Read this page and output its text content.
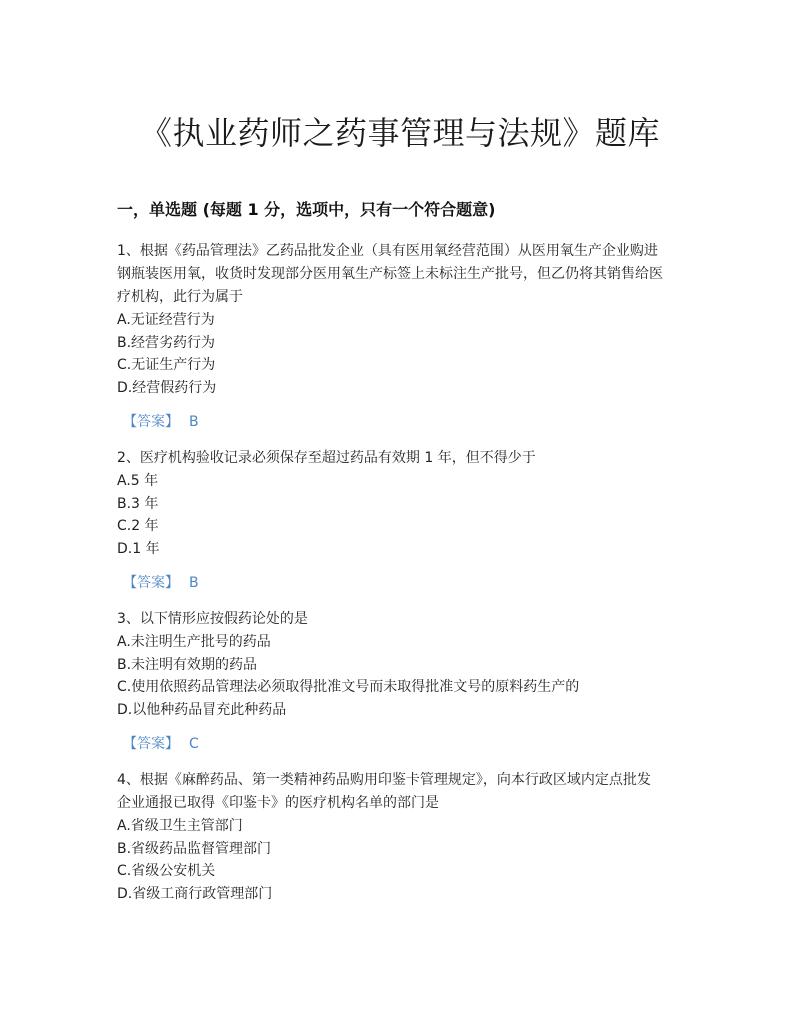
《执业药师之药事管理与法规》题库
一，单选题 (每题 1 分，选项中，只有一个符合题意)

1、根据《药品管理法》乙药品批发企业（具有医用氧经营范围）从医用氧生产企业购进

钢瓶装医用氧，收货时发现部分医用氧生产标签上未标注生产批号，但乙仍将其销售给医

疗机构，此行为属于

A.无证经营行为

B.经营劣药行为

C.无证生产行为

D.经营假药行为

【答案】 B

2、医疗机构验收记录必须保存至超过药品有效期 1 年，但不得少于

A.5 年

B.3 年

C.2 年

D.1 年

【答案】 B

3、以下情形应按假药论处的是

A.未注明生产批号的药品

B.未注明有效期的药品

C.使用依照药品管理法必须取得批准文号而未取得批准文号的原料药生产的

D.以他种药品冒充此种药品

【答案】 C

4、根据《麻醉药品、第一类精神药品购用印鉴卡管理规定》，向本行政区域内定点批发

企业通报已取得《印鉴卡》的医疗机构名单的部门是

A.省级卫生主管部门

B.省级药品监督管理部门

C.省级公安机关

D.省级工商行政管理部门
